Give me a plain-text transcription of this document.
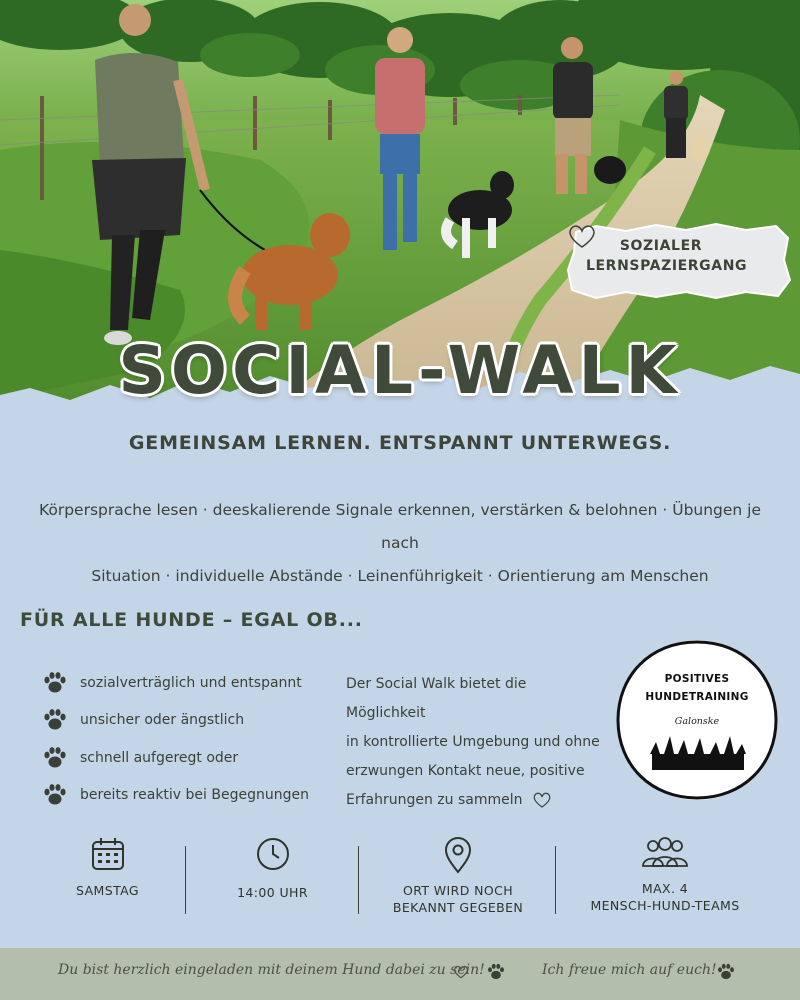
SOZIALER
LERNSPAZIERGANG
SOCIAL-WALK
GEMEINSAM LERNEN. ENTSPANNT UNTERWEGS.
Körpersprache lesen · deeskalierende Signale erkennen, verstärken & belohnen · Übungen je nach
Situation · individuelle Abstände · Leinenführigkeit · Orientierung am Menschen
FÜR ALLE HUNDE – EGAL OB...
sozialverträglich und entspannt
unsicher oder ängstlich
schnell aufgeregt oder
bereits reaktiv bei Begegnungen
Der Social Walk bietet die Möglichkeit
in kontrollierte Umgebung und ohne
erzwungen Kontakt neue, positive
Erfahrungen zu sammeln
POSITIVES
HUNDETRAINING
Galonske
SAMSTAG	14:00 UHR	ORT WIRD NOCH
BEKANNT GEGEBEN
MAX. 4
MENSCH-HUND-TEAMS
Du bist herzlich eingeladen mit deinem Hund dabei zu sein!	Ich freue mich auf euch!
